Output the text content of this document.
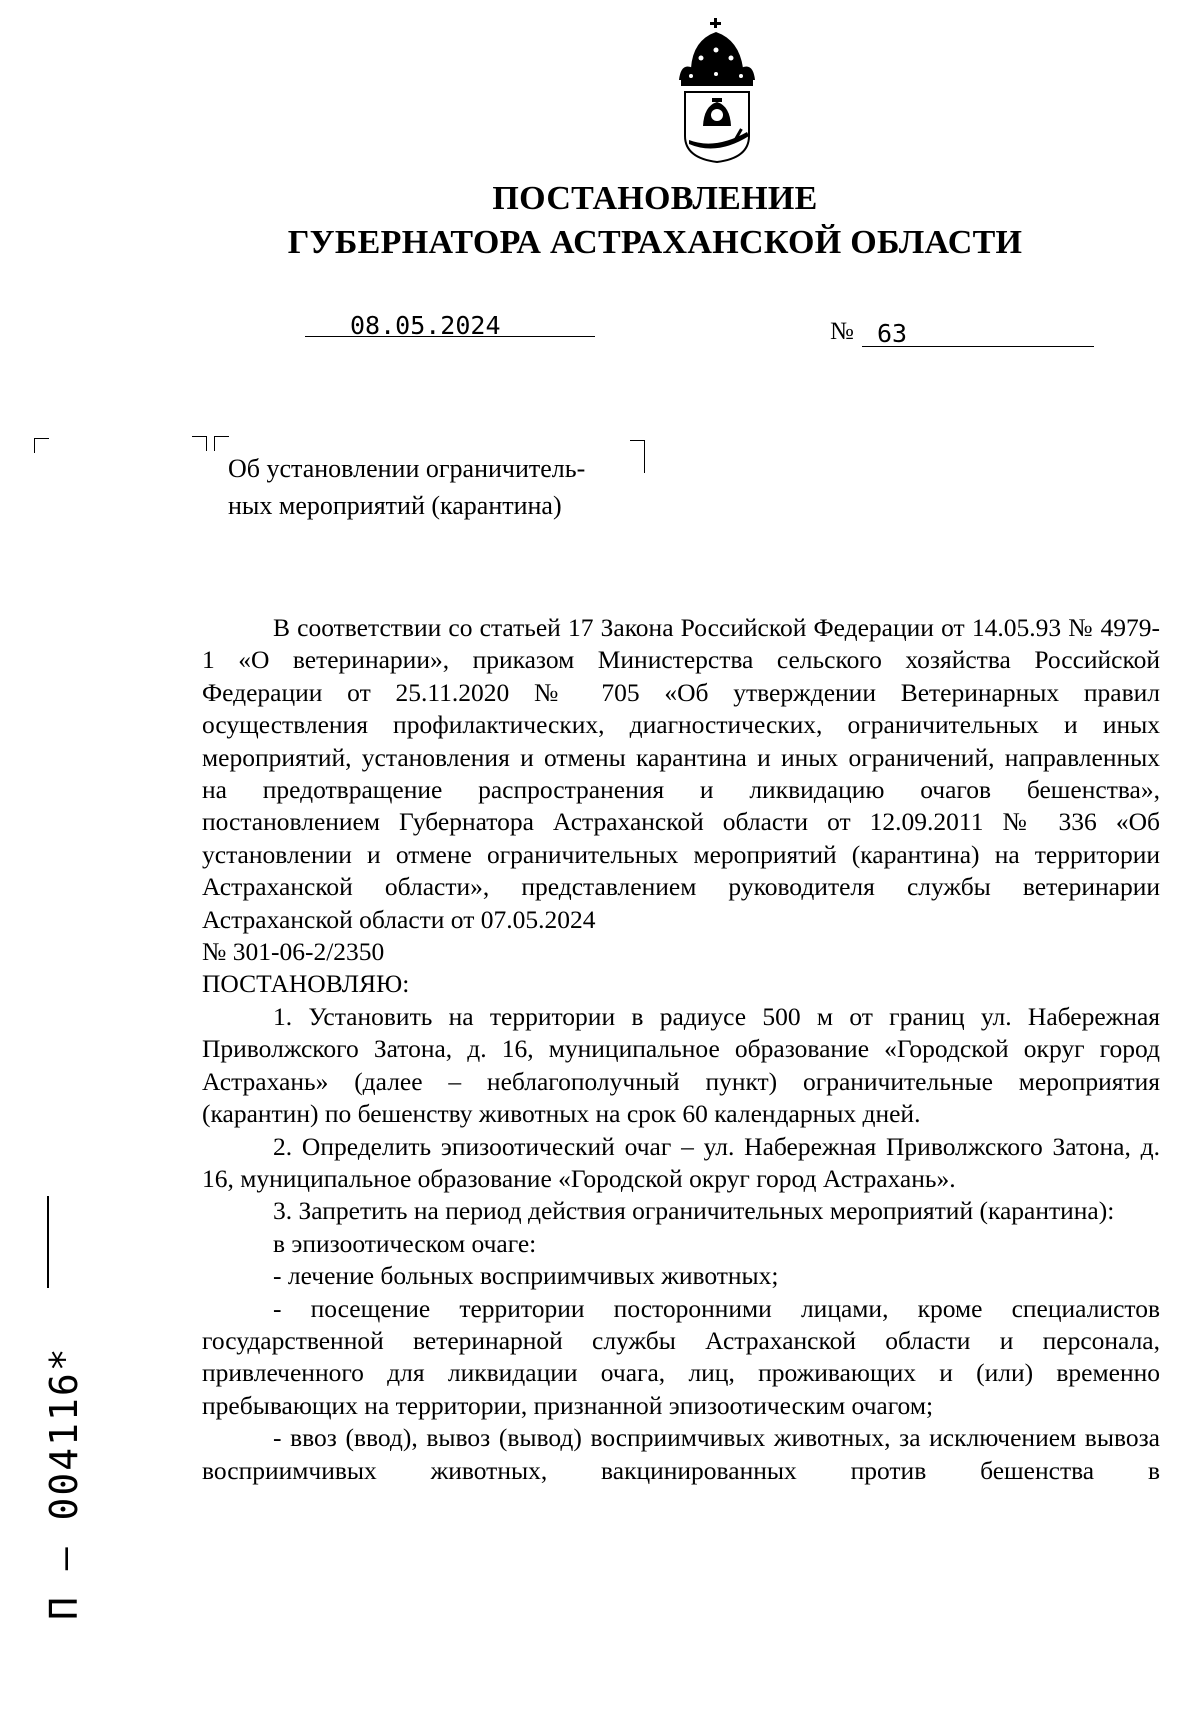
ПОСТАНОВЛЕНИЕ
ГУБЕРНАТОРА АСТРАХАНСКОЙ ОБЛАСТИ
08.05.2024	№ 63
Об установлении ограничитель-
ных мероприятий (карантина)

В соответствии со статьей 17 Закона Российской Федерации от 14.05.93 № 4979-1 «О ветеринарии», приказом Министерства сельского хозяйства Российской Федерации от 25.11.2020 № 705 «Об утверждении Ветеринарных правил осуществления профилактических, диагностических, ограничительных и иных мероприятий, установления и отмены карантина и иных ограничений, направленных на предотвращение распространения и ликвидацию очагов бешенства», постановлением Губернатора Астраханской области от 12.09.2011 № 336 «Об установлении и отмене ограничительных мероприятий (карантина) на территории Астраханской области», представлением руководителя службы ветеринарии Астраханской области от 07.05.2024

№ 301-06-2/2350

ПОСТАНОВЛЯЮ:

1. Установить на территории в радиусе 500 м от границ ул. Набережная Приволжского Затона, д. 16, муниципальное образование «Городской округ город Астрахань» (далее – неблагополучный пункт) ограничительные мероприятия (карантин) по бешенству животных на срок 60 календарных дней.

2. Определить эпизоотический очаг – ул. Набережная Приволжского Затона, д. 16, муниципальное образование «Городской округ город Астрахань».

3. Запретить на период действия ограничительных мероприятий (карантина):

в эпизоотическом очаге:

- лечение больных восприимчивых животных;

- посещение территории посторонними лицами, кроме специалистов государственной ветеринарной службы Астраханской области и персонала, привлеченного для ликвидации очага, лиц, проживающих и (или) временно пребывающих на территории, признанной эпизоотическим очагом;

- ввоз (ввод), вывоз (вывод) восприимчивых животных, за исключением вывоза восприимчивых животных, вакцинированных против бешенства в

П – 004116*
